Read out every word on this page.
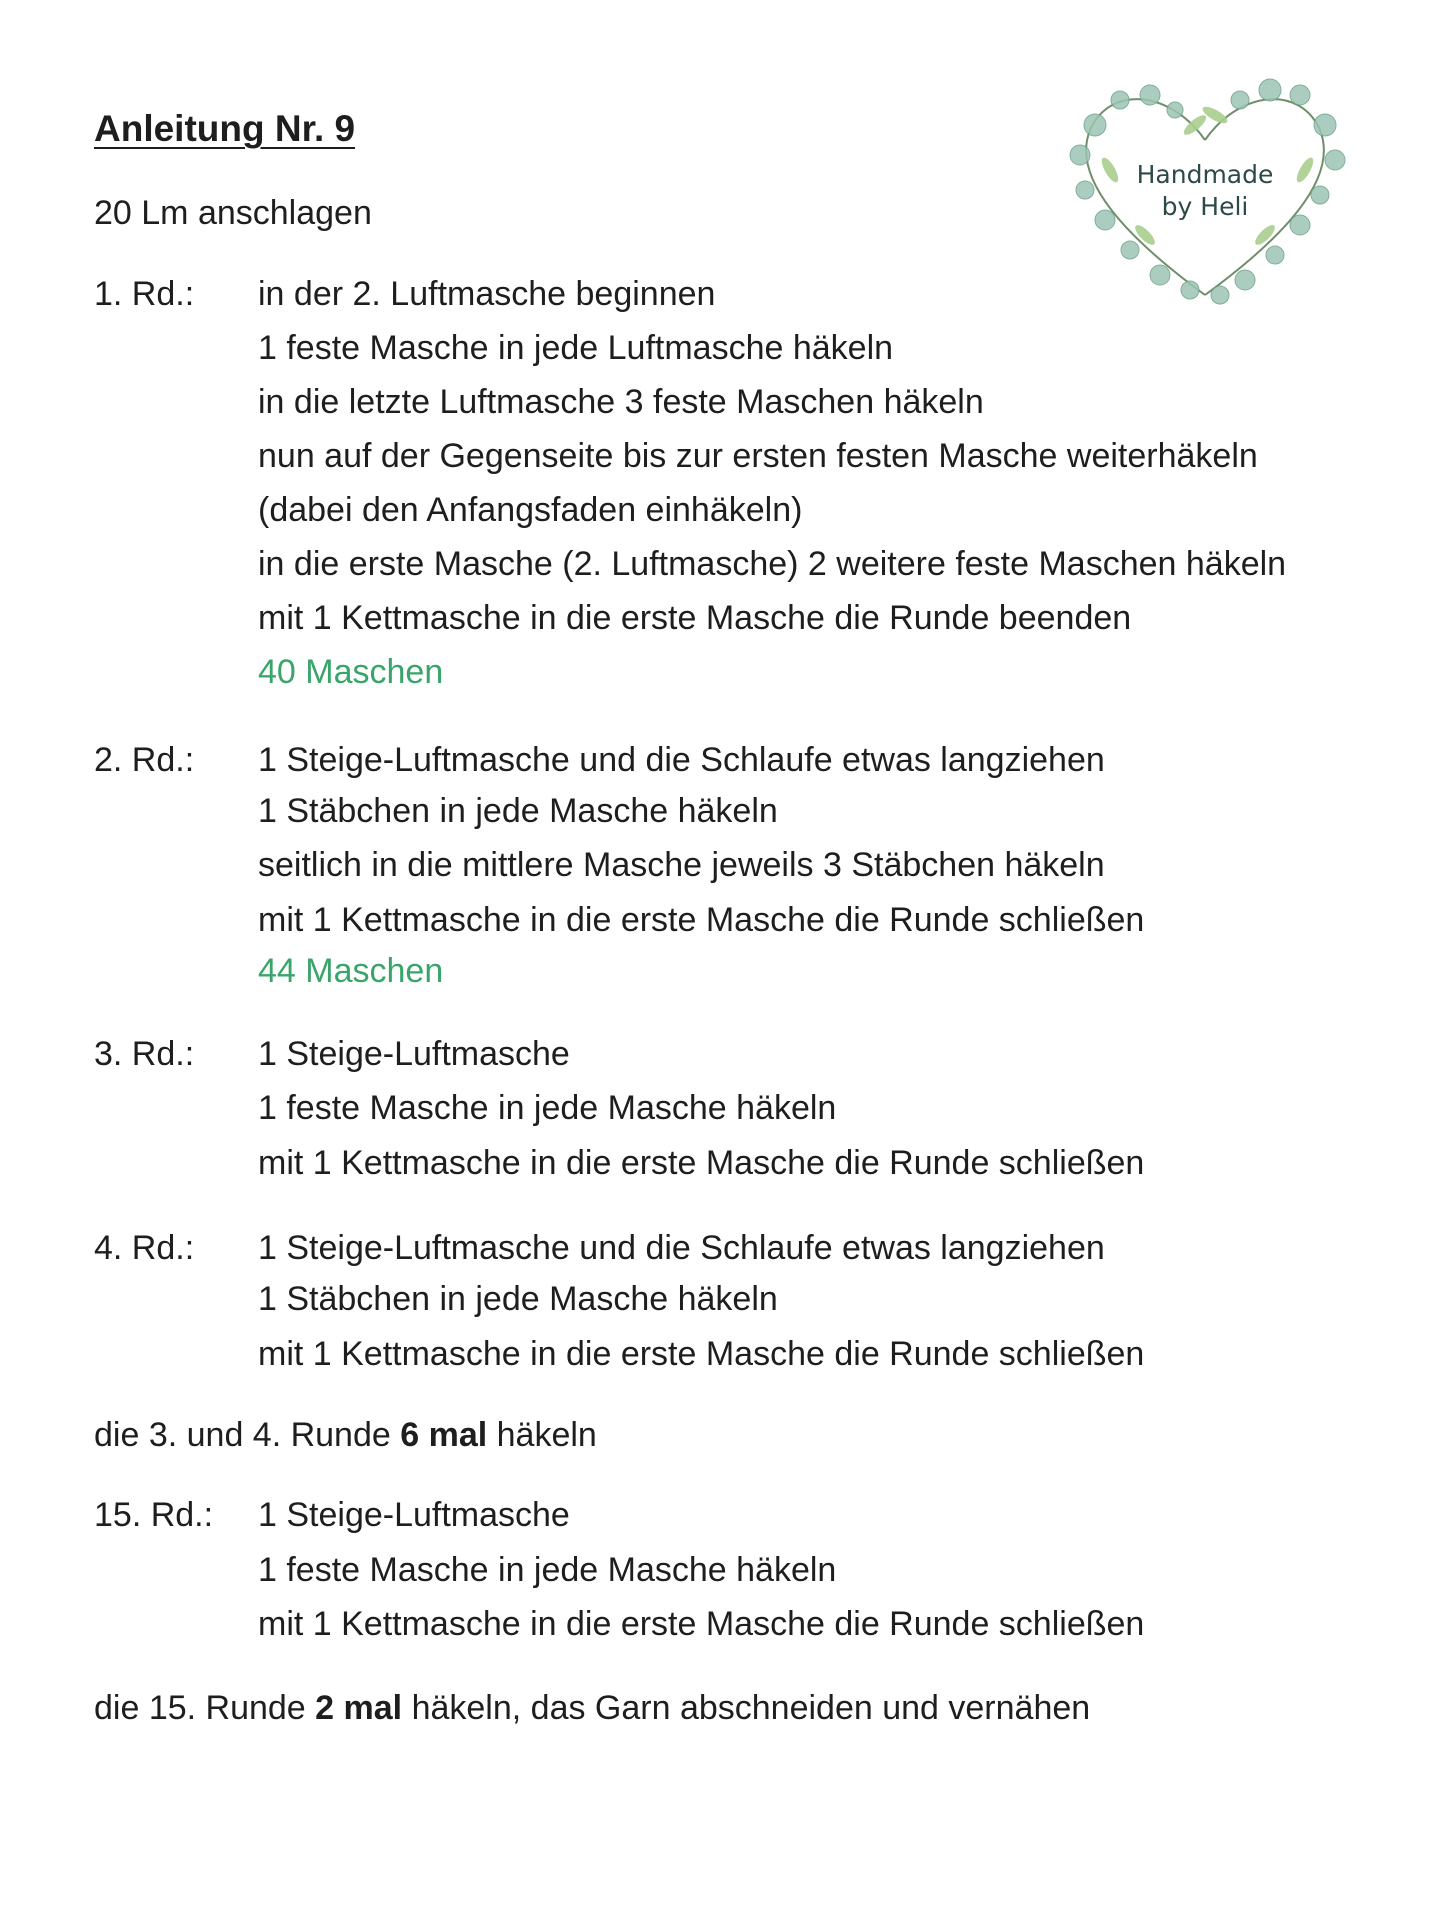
Anleitung Nr. 9
Handmade
by Heli
20 Lm anschlagen
1. Rd.: in der 2. Luftmasche beginnen
1 feste Masche in jede Luftmasche häkeln
in die letzte Luftmasche 3 feste Maschen häkeln
nun auf der Gegenseite bis zur ersten festen Masche weiterhäkeln
(dabei den Anfangsfaden einhäkeln)
in die erste Masche (2. Luftmasche) 2 weitere feste Maschen häkeln
mit 1 Kettmasche in die erste Masche die Runde beenden
40 Maschen
2. Rd.: 1 Steige-Luftmasche und die Schlaufe etwas langziehen
1 Stäbchen in jede Masche häkeln
seitlich in die mittlere Masche jeweils 3 Stäbchen häkeln
mit 1 Kettmasche in die erste Masche die Runde schließen
44 Maschen
3. Rd.: 1 Steige-Luftmasche
1 feste Masche in jede Masche häkeln
mit 1 Kettmasche in die erste Masche die Runde schließen
4. Rd.: 1 Steige-Luftmasche und die Schlaufe etwas langziehen
1 Stäbchen in jede Masche häkeln
mit 1 Kettmasche in die erste Masche die Runde schließen
die 3. und 4. Runde 6 mal häkeln
15. Rd.: 1 Steige-Luftmasche
1 feste Masche in jede Masche häkeln
mit 1 Kettmasche in die erste Masche die Runde schließen
die 15. Runde 2 mal häkeln, das Garn abschneiden und vernähen
